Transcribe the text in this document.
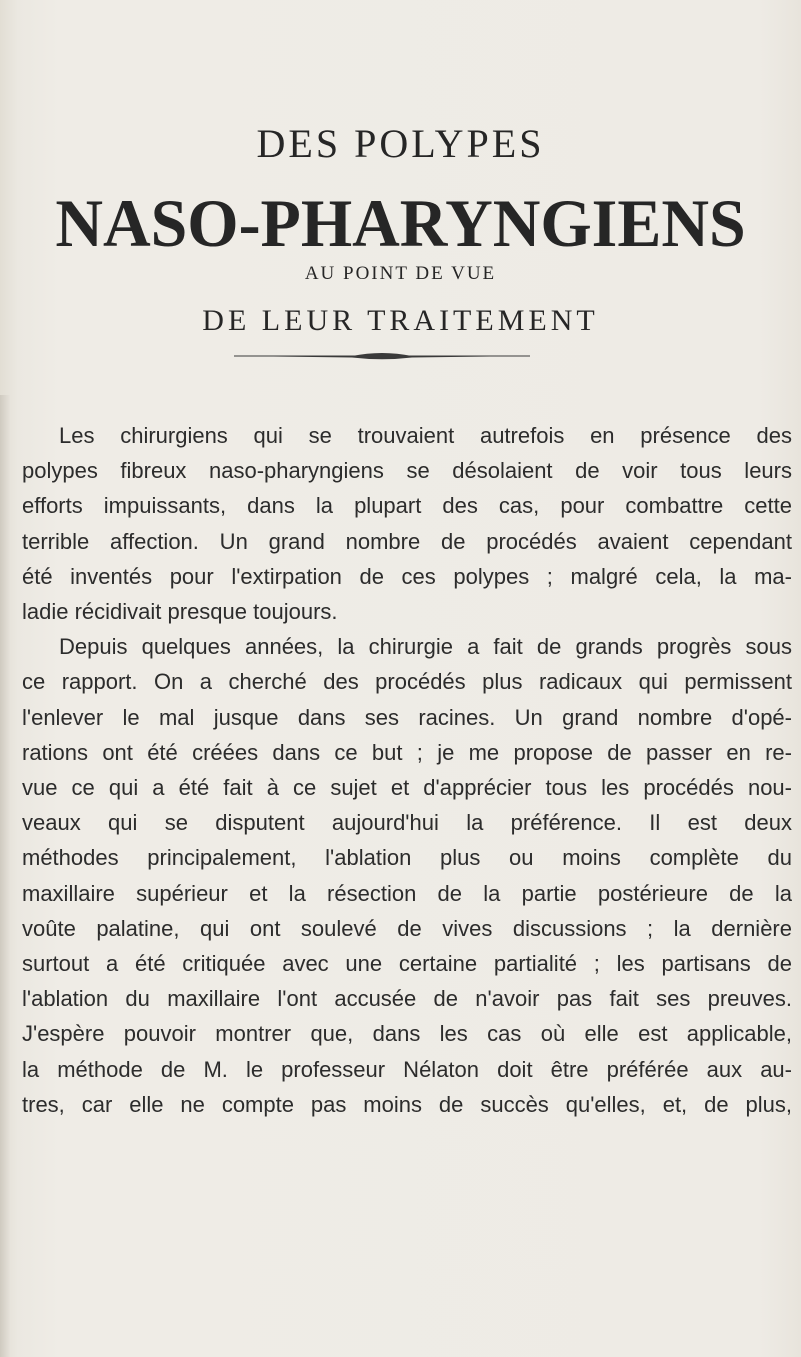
DES POLYPES
NASO-PHARYNGIENS
AU POINT DE VUE
DE LEUR TRAITEMENT
Les chirurgiens qui se trouvaient autrefois en présence des
polypes fibreux naso-pharyngiens se désolaient de voir tous leurs
efforts impuissants, dans la plupart des cas, pour combattre cette
terrible affection. Un grand nombre de procédés avaient cependant
été inventés pour l'extirpation de ces polypes ; malgré cela, la ma-
ladie récidivait presque toujours.
Depuis quelques années, la chirurgie a fait de grands progrès sous
ce rapport. On a cherché des procédés plus radicaux qui permissent
l'enlever le mal jusque dans ses racines. Un grand nombre d'opé-
rations ont été créées dans ce but ; je me propose de passer en re-
vue ce qui a été fait à ce sujet et d'apprécier tous les procédés nou-
veaux qui se disputent aujourd'hui la préférence. Il est deux
méthodes principalement, l'ablation plus ou moins complète du
maxillaire supérieur et la résection de la partie postérieure de la
voûte palatine, qui ont soulevé de vives discussions ; la dernière
surtout a été critiquée avec une certaine partialité ; les partisans de
l'ablation du maxillaire l'ont accusée de n'avoir pas fait ses preuves.
J'espère pouvoir montrer que, dans les cas où elle est applicable,
la méthode de M. le professeur Nélaton doit être préférée aux au-
tres, car elle ne compte pas moins de succès qu'elles, et, de plus,
